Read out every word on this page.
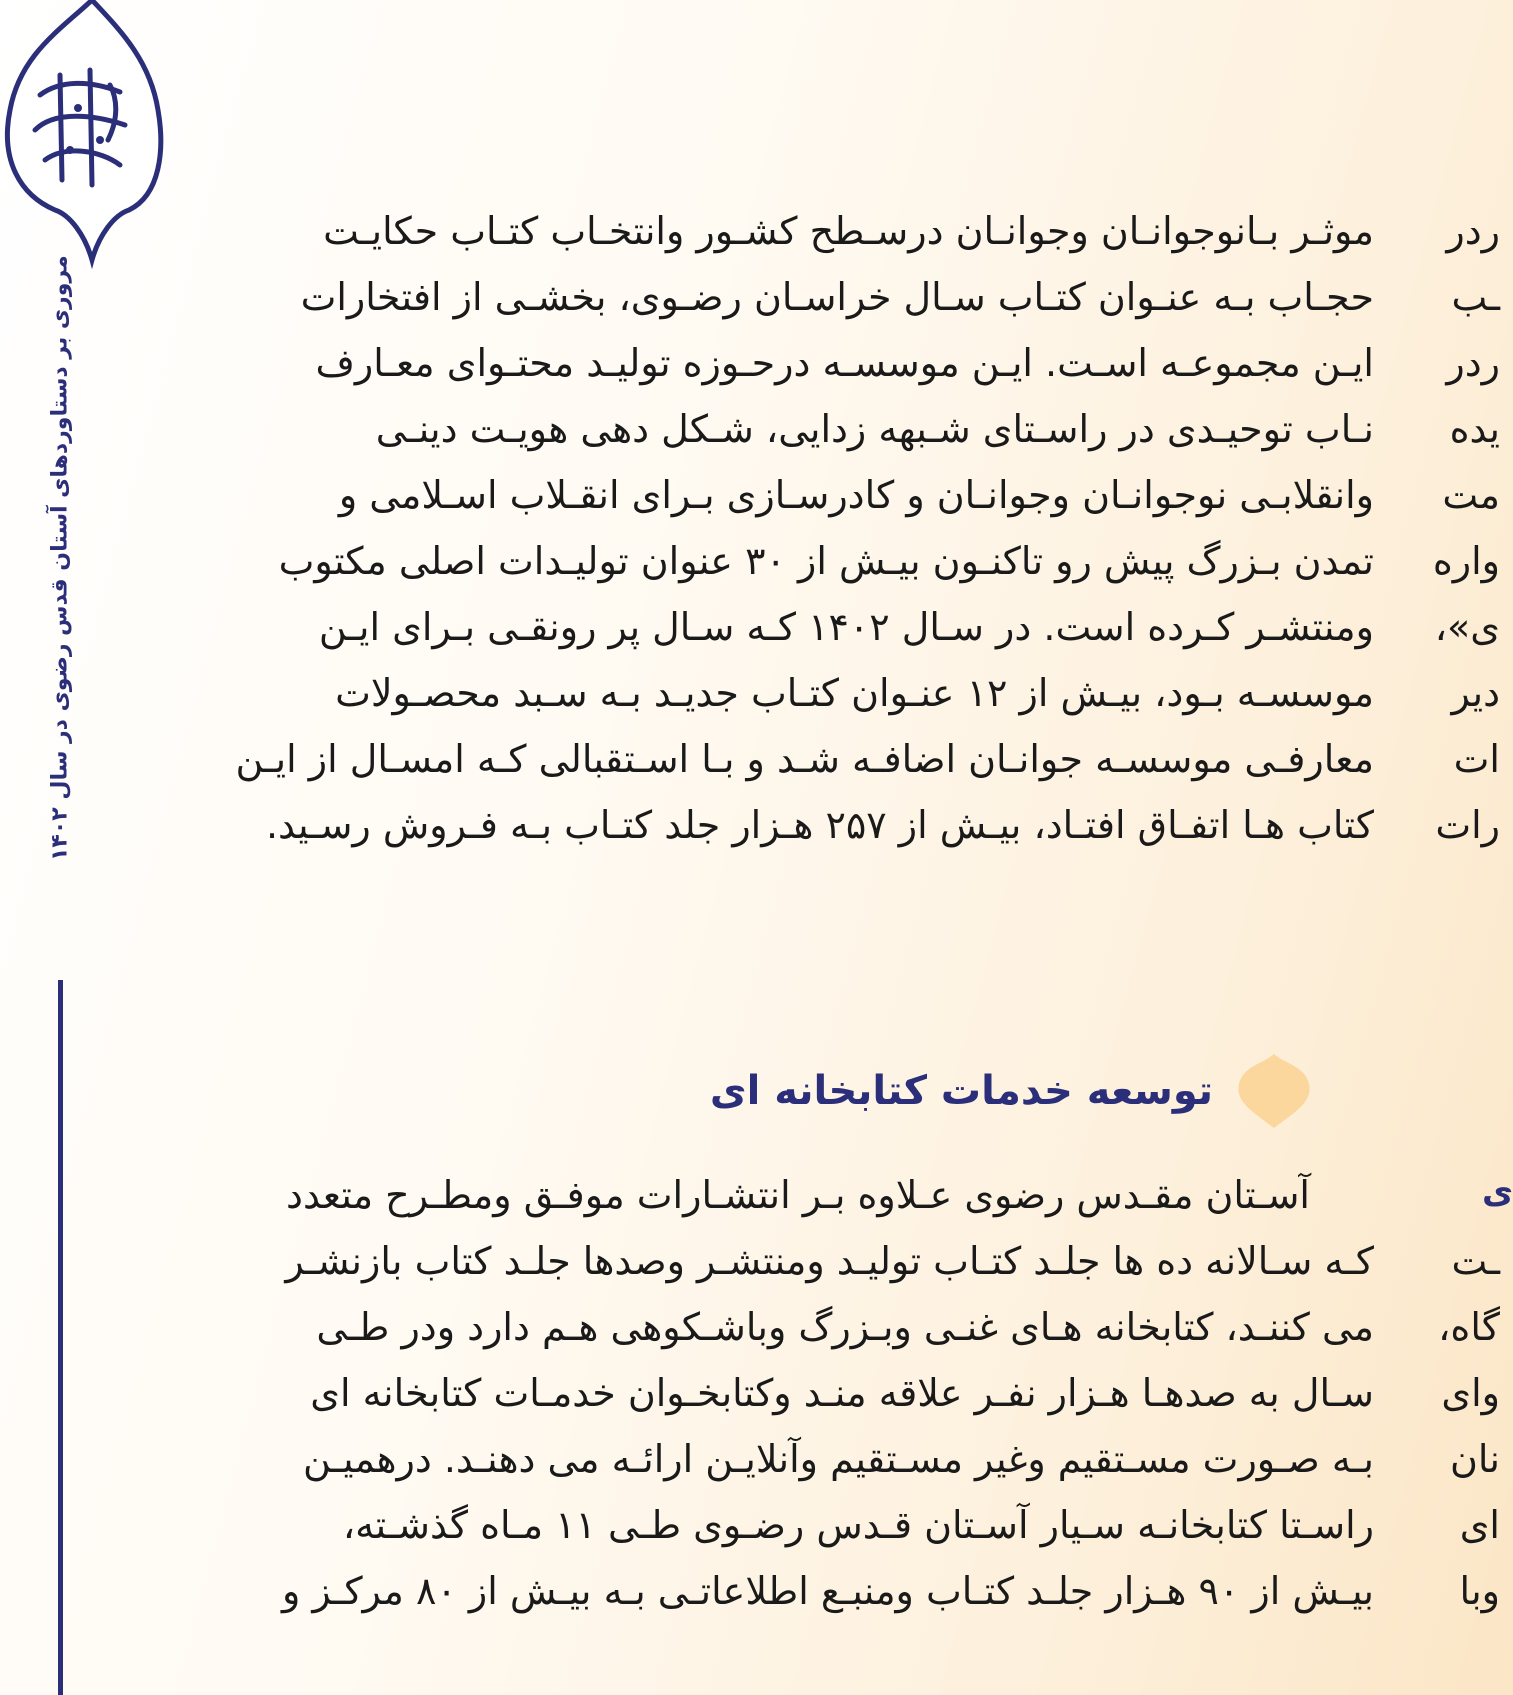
مروری بر دستاوردهای آستان قدس رضوی در سال ۱۴۰۲
موثـر بـانوجوانـان وجوانـان درسـطح کشـور وانتخـاب کتـاب حکایـت
حجـاب بـه عنـوان کتـاب سـال خراسـان رضـوی، بخشـی از افتخارات
ایـن مجموعـه اسـت. ایـن موسسـه درحـوزه تولیـد محتـوای معـارف
نـاب توحیـدی در راسـتای شـبهه زدایی، شـکل دهی هویـت دینـی
وانقلابـی نوجوانـان وجوانـان و کادرسـازی بـرای انقـلاب اسـلامی و
تمدن بـزرگ پیش رو تاکنـون بیـش از ۳۰ عنوان تولیـدات اصلی مکتوب
ومنتشـر کـرده است. در سـال ۱۴۰۲ کـه سـال پر رونقـی بـرای ایـن
موسسـه بـود، بیـش از ۱۲ عنـوان کتـاب جدیـد بـه سـبد محصـولات
معارفـی موسسـه جوانـان اضافـه شـد و بـا اسـتقبالی کـه امسـال از ایـن
کتاب هـا اتفـاق افتـاد، بیـش از ۲۵۷ هـزار جلد کتـاب بـه فـروش رسـید.
توسعه خدمات کتابخانه ای
آسـتان مقـدس رضوی عـلاوه بـر انتشـارات موفـق ومطـرح متعدد
کـه سـالانه ده ها جلـد کتـاب تولیـد ومنتشـر وصدها جلـد کتاب بازنشـر
می کننـد، کتابخانه هـای غنـی وبـزرگ وباشـکوهی هـم دارد ودر طـی
سـال به صدهـا هـزار نفـر علاقه منـد وکتابخـوان خدمـات کتابخانه ای
بـه صـورت مسـتقیم وغیر مسـتقیم وآنلایـن ارائـه می دهنـد. درهمیـن
راسـتا کتابخانـه سـیار آسـتان قـدس رضـوی طـی ۱۱ مـاه گذشـته،
بیـش از ۹۰ هـزار جلـد کتـاب ومنبـع اطلاعاتـی بـه بیـش از ۸۰ مرکـز و
ردر
ـب
ردر
یده
مت
واره
ی»،
دیر
ات
رات
ى
ـت
گاه،
وای
نان
ای
وبا
